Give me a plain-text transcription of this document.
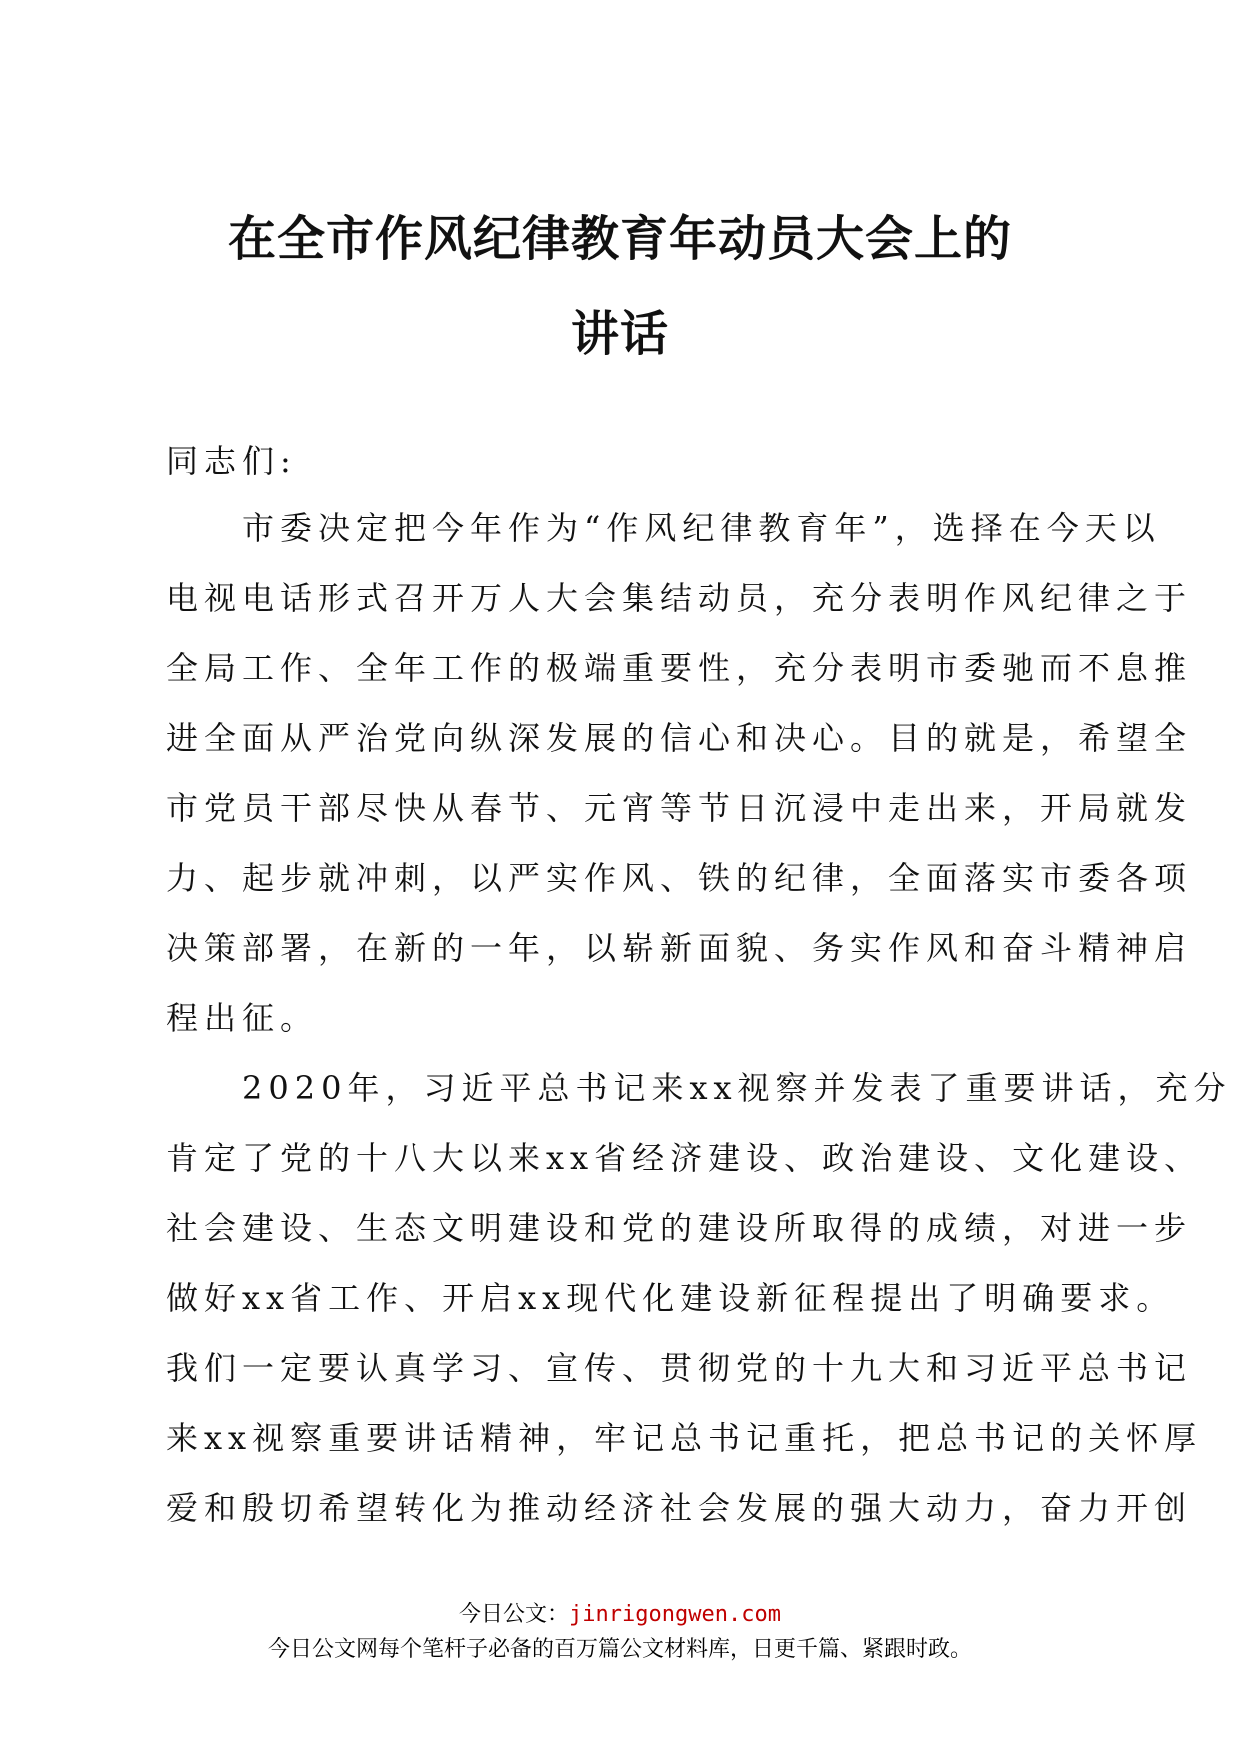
在全市作风纪律教育年动员大会上的
讲话
同志们:
　　市委决定把今年作为“作风纪律教育年”，选择在今天以
电视电话形式召开万人大会集结动员，充分表明作风纪律之于
全局工作、全年工作的极端重要性，充分表明市委驰而不息推
进全面从严治党向纵深发展的信心和决心。目的就是，希望全
市党员干部尽快从春节、元宵等节日沉浸中走出来，开局就发
力、起步就冲刺，以严实作风、铁的纪律，全面落实市委各项
决策部署，在新的一年，以崭新面貌、务实作风和奋斗精神启
程出征。
　　2020年，习近平总书记来xx视察并发表了重要讲话，充分
肯定了党的十八大以来xx省经济建设、政治建设、文化建设、
社会建设、生态文明建设和党的建设所取得的成绩，对进一步
做好xx省工作、开启xx现代化建设新征程提出了明确要求。
我们一定要认真学习、宣传、贯彻党的十九大和习近平总书记
来xx视察重要讲话精神，牢记总书记重托，把总书记的关怀厚
爱和殷切希望转化为推动经济社会发展的强大动力，奋力开创
今日公文：jinrigongwen.com
今日公文网每个笔杆子必备的百万篇公文材料库，日更千篇、紧跟时政。
